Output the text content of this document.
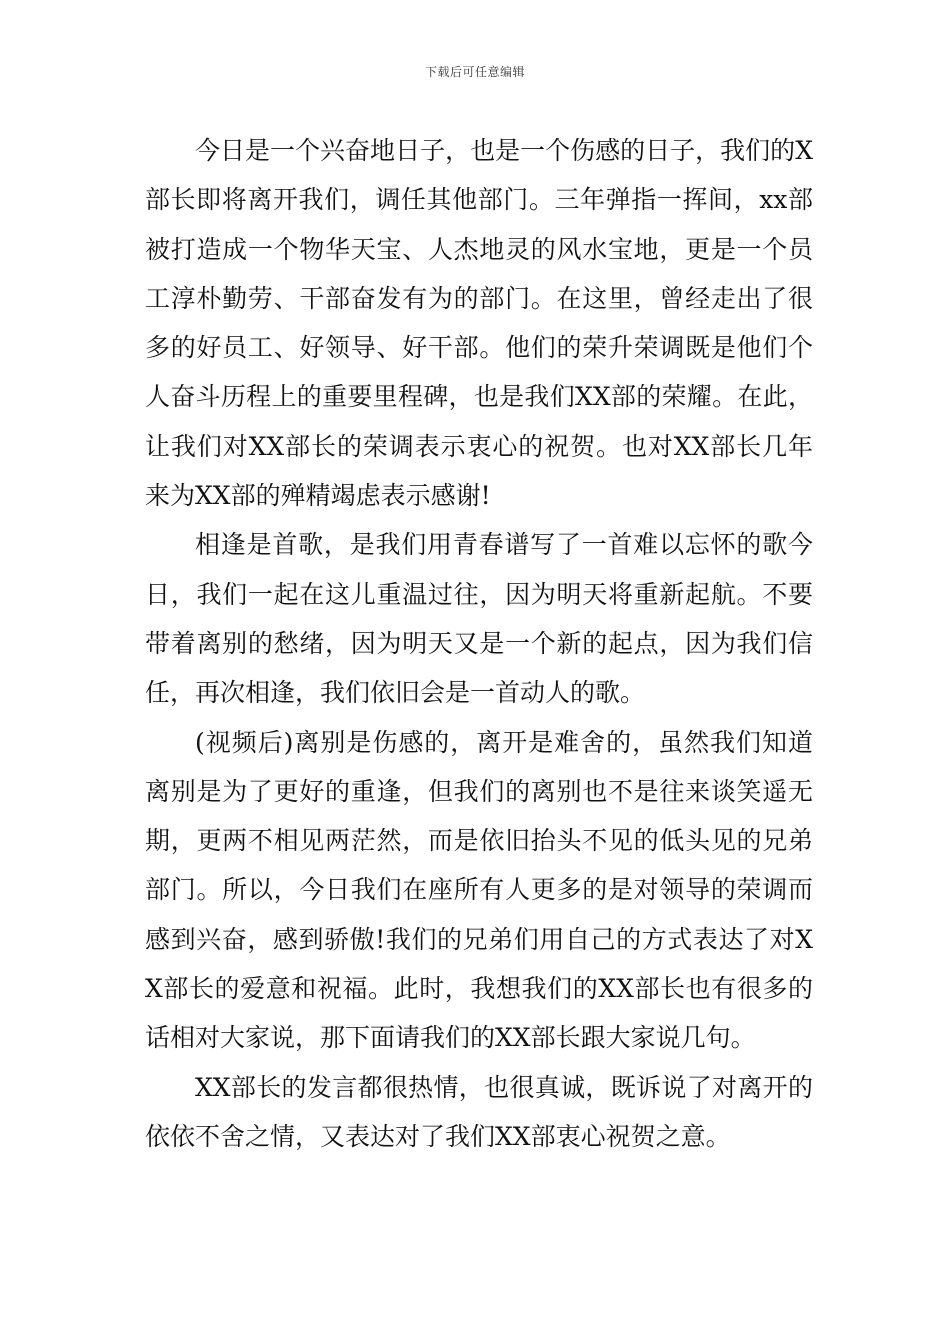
下载后可任意编辑

今日是一个兴奋地日子，也是一个伤感的日子，我们的X部长即将离开我们，调任其他部门。三年弹指一挥间，xx部被打造成一个物华天宝、人杰地灵的风水宝地，更是一个员工淳朴勤劳、干部奋发有为的部门。在这里，曾经走出了很多的好员工、好领导、好干部。他们的荣升荣调既是他们个人奋斗历程上的重要里程碑，也是我们XX部的荣耀。在此，让我们对XX部长的荣调表示衷心的祝贺。也对XX部长几年来为XX部的殚精竭虑表示感谢!

相逢是首歌，是我们用青春谱写了一首难以忘怀的歌今日，我们一起在这儿重温过往，因为明天将重新起航。不要带着离别的愁绪，因为明天又是一个新的起点，因为我们信任，再次相逢，我们依旧会是一首动人的歌。

(视频后)离别是伤感的，离开是难舍的，虽然我们知道离别是为了更好的重逢，但我们的离别也不是往来谈笑遥无期，更两不相见两茫然，而是依旧抬头不见的低头见的兄弟部门。所以，今日我们在座所有人更多的是对领导的荣调而感到兴奋，感到骄傲!我们的兄弟们用自己的方式表达了对XX部长的爱意和祝福。此时，我想我们的XX部长也有很多的话相对大家说，那下面请我们的XX部长跟大家说几句。

XX部长的发言都很热情，也很真诚，既诉说了对离开的依依不舍之情，又表达对了我们XX部衷心祝贺之意。
